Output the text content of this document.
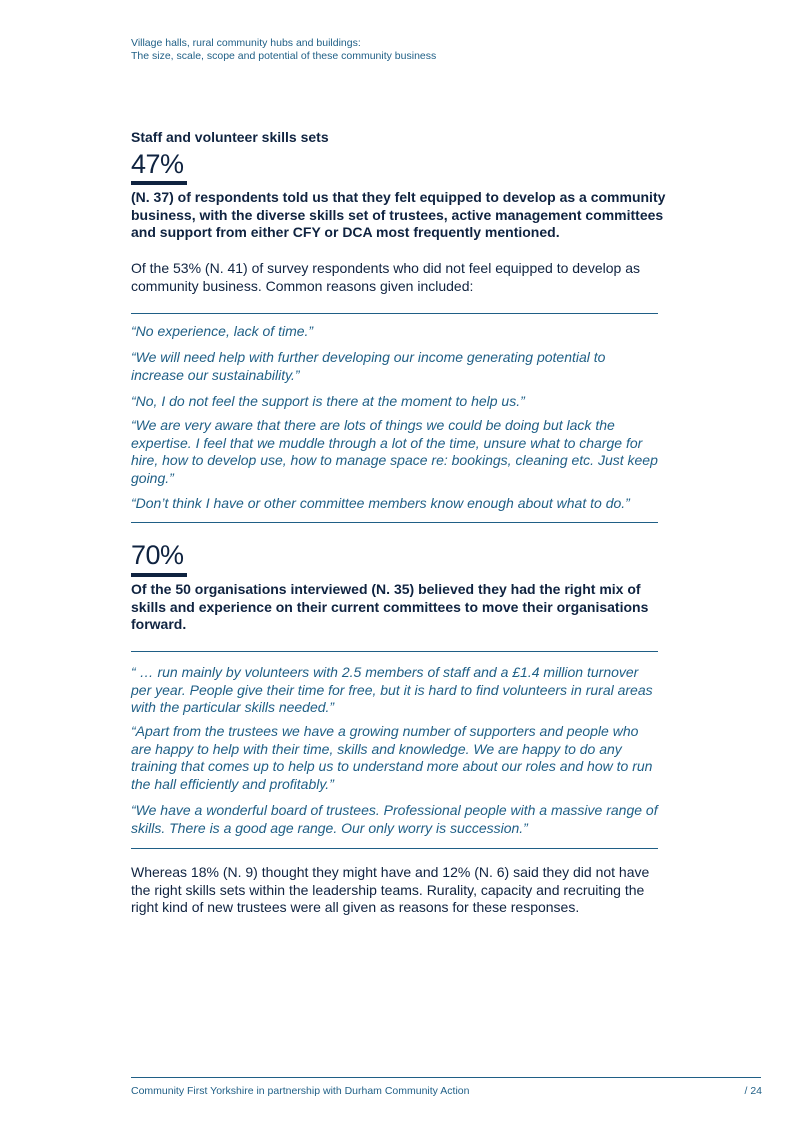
Village halls, rural community hubs and buildings:
The size, scale, scope and potential of these community business
Staff and volunteer skills sets
47%
(N. 37) of respondents told us that they felt equipped to develop as a community business, with the diverse skills set of trustees, active management committees and support from either CFY or DCA most frequently mentioned.
Of the 53% (N. 41) of survey respondents who did not feel equipped to develop as community business. Common reasons given included:
“No experience, lack of time.”
“We will need help with further developing our income generating potential to increase our sustainability.”
“No, I do not feel the support is there at the moment to help us.”
“We are very aware that there are lots of things we could be doing but lack the expertise. I feel that we muddle through a lot of the time, unsure what to charge for hire, how to develop use, how to manage space re: bookings, cleaning etc. Just keep going.”
“Don’t think I have or other committee members know enough about what to do.”
70%
Of the 50 organisations interviewed (N. 35) believed they had the right mix of skills and experience on their current committees to move their organisations forward.
“ … run mainly by volunteers with 2.5 members of staff and a £1.4 million turnover per year. People give their time for free, but it is hard to find volunteers in rural areas with the particular skills needed.”
“Apart from the trustees we have a growing number of supporters and people who are happy to help with their time, skills and knowledge. We are happy to do any training that comes up to help us to understand more about our roles and how to run the hall efficiently and profitably.”
“We have a wonderful board of trustees. Professional people with a massive range of skills. There is a good age range. Our only worry is succession.”
Whereas 18% (N. 9) thought they might have and 12% (N. 6) said they did not have the right skills sets within the leadership teams. Rurality, capacity and recruiting the right kind of new trustees were all given as reasons for these responses.
Community First Yorkshire in partnership with Durham Community Action	/ 24
